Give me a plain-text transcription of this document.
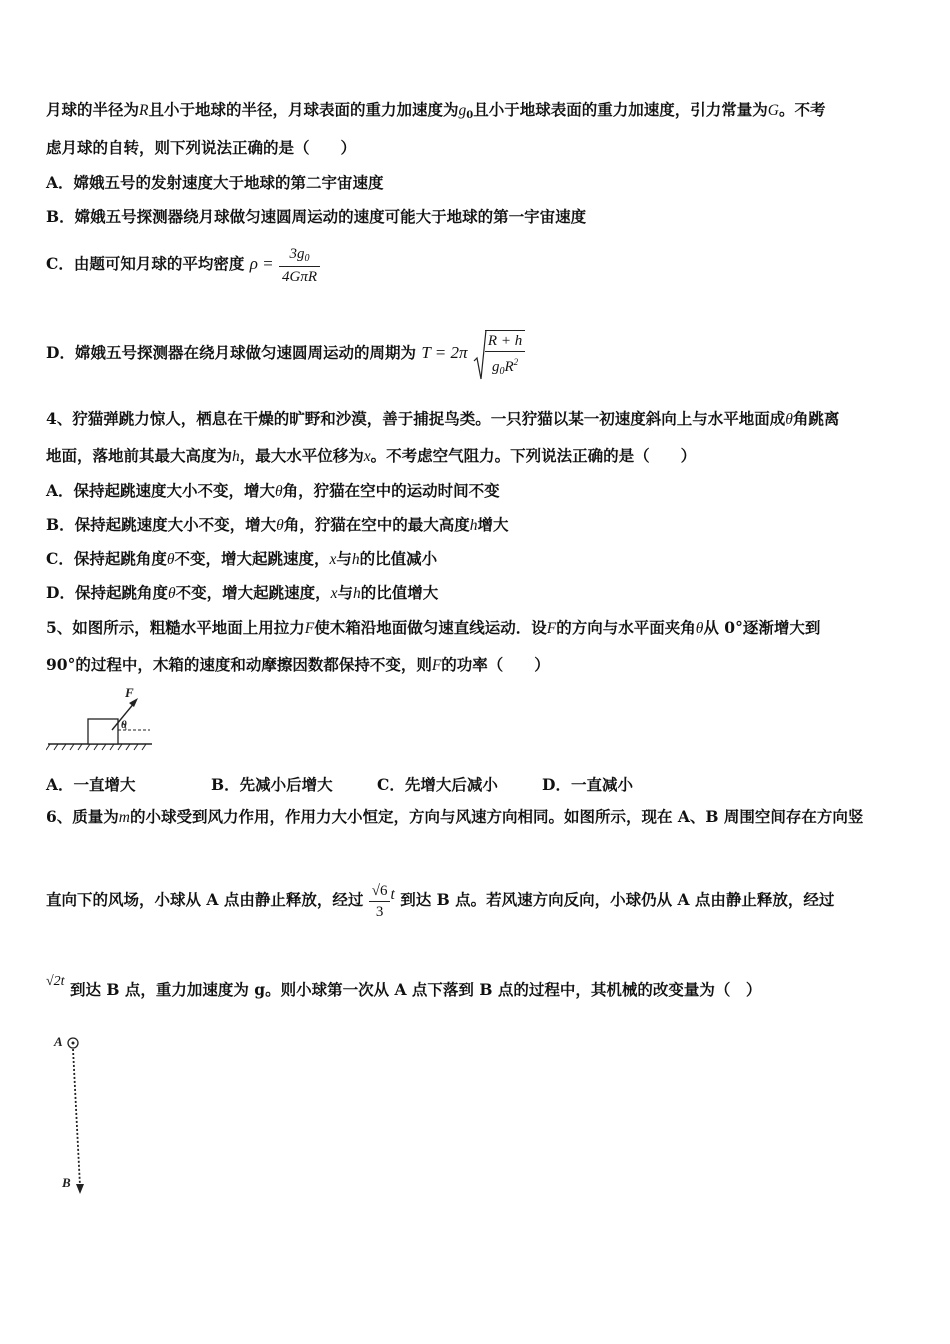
月球的半径为R且小于地球的半径，月球表面的重力加速度为g0且小于地球表面的重力加速度，引力常量为G。不考
虑月球的自转，则下列说法正确的是（　　）
A．嫦娥五号的发射速度大于地球的第二宇宙速度
B．嫦娥五号探测器绕月球做匀速圆周运动的速度可能大于地球的第一宇宙速度
C．由题可知月球的平均密度 $\rho = \frac{3g_0}{\text{4GπR}}$
D．嫦娥五号探测器在绕月球做匀速圆周运动的周期为 $T = 2\pi \frac{R + h}{g_0R^2}$
4、狞猫弹跳力惊人，栖息在干燥的旷野和沙漠，善于捕捉鸟类。一只狞猫以某一初速度斜向上与水平地面成θ角跳离
地面，落地前其最大高度为h，最大水平位移为x。不考虑空气阻力。下列说法正确的是（　　）
A．保持起跳速度大小不变，增大θ角，狞猫在空中的运动时间不变
B．保持起跳速度大小不变，增大θ角，狞猫在空中的最大高度h增大
C．保持起跳角度θ不变，增大起跳速度，x与h的比值减小
D．保持起跳角度θ不变，增大起跳速度，x与h的比值增大
5、如图所示，粗糙水平地面上用拉力F使木箱沿地面做匀速直线运动．设F的方向与水平面夹角θ从 0°逐渐增大到
90°的过程中，木箱的速度和动摩擦因数都保持不变，则F的功率（　　）
F
θ
A．一直增大	B．先减小后增大	C．先增大后减小	D．一直减小
6、质量为m的小球受到风力作用，作用力大小恒定，方向与风速方向相同。如图所示，现在 A、B 周围空间存在方向竖
直向下的风场，小球从 A 点由静止释放，经过 $\frac{√6}{3}$ t 到达 B 点。若风速方向反向，小球仍从 A 点由静止释放，经过
√2t 到达 B 点，重力加速度为 g。则小球第一次从 A 点下落到 B 点的过程中，其机械的改变量为（　）
A
B
